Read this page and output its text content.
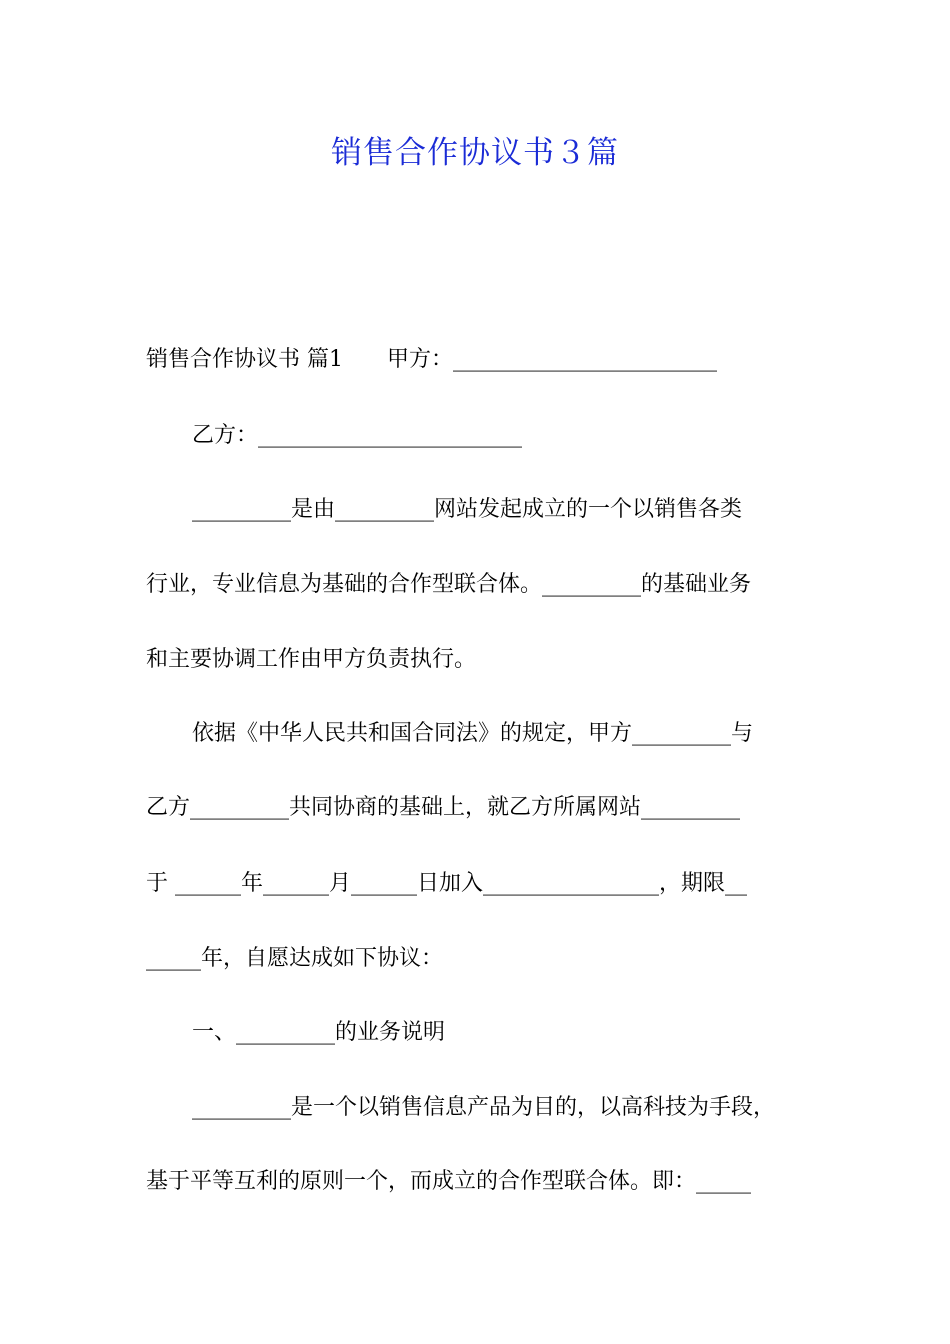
销售合作协议书３篇
销售合作协议书 篇1　　甲方：________________________
乙方：________________________
_________是由_________网站发起成立的一个以销售各类
行业，专业信息为基础的合作型联合体。_________的基础业务
和主要协调工作由甲方负责执行。
依据《中华人民共和国合同法》的规定，甲方_________与
乙方_________共同协商的基础上，就乙方所属网站_________
于 ______年______月______日加入________________，期限__
_____年，自愿达成如下协议：
一、_________的业务说明
_________是一个以销售信息产品为目的，以高科技为手段，
基于平等互利的原则一个，而成立的合作型联合体。即：_____
